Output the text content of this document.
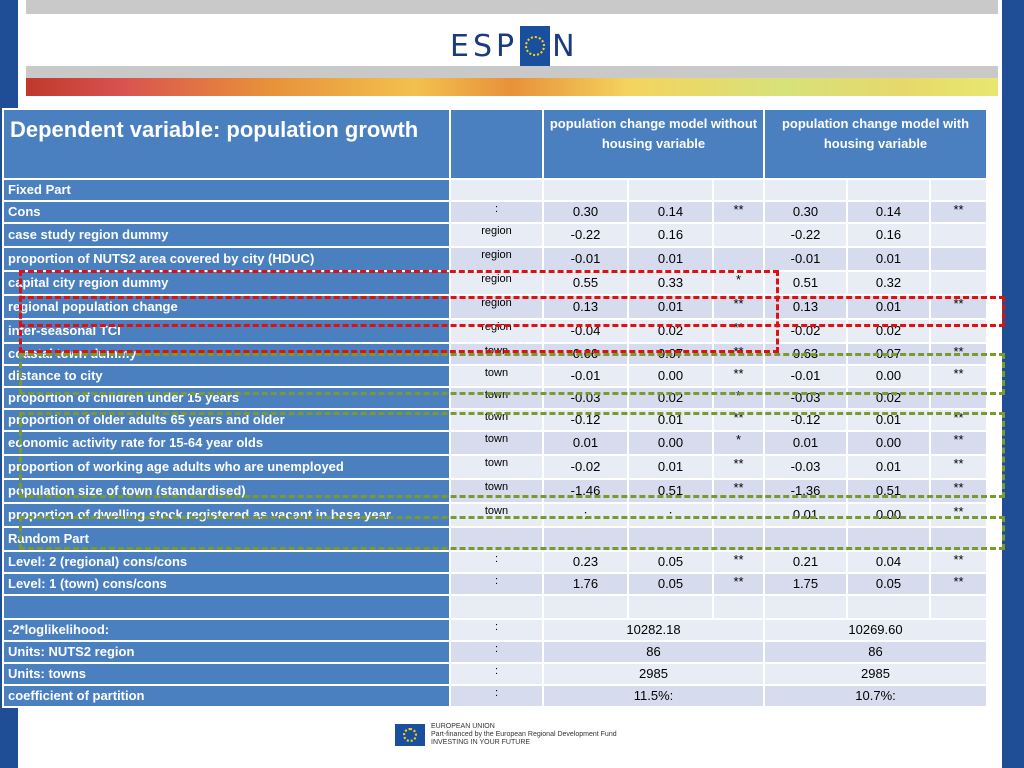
ESP N
Dependent variable: population growth		population change model without housing variable			population change model with housing variable		
Fixed Part							
Cons	:	0.30	0.14	**	0.30	0.14	**
case study region dummy	region	-0.22	0.16		-0.22	0.16	
proportion of NUTS2 area covered by city (HDUC)	region	-0.01	0.01		-0.01	0.01	
capital city region dummy	region	0.55	0.33	*	0.51	0.32	
regional population change	region	0.13	0.01	**	0.13	0.01	**
inter-seasonal TCI	region	-0.04	0.02	**	-0.02	0.02	
coastal town dummy	town	0.66	0.07	**	0.63	0.07	**
distance to city	town	-0.01	0.00	**	-0.01	0.00	**
proportion of children under 15 years	town	-0.03	0.02	*	-0.03	0.02	
proportion of older adults 65 years and older	town	-0.12	0.01	**	-0.12	0.01	**
economic activity rate for 15-64 year olds	town	0.01	0.00	*	0.01	0.00	**
proportion of working age adults who are unemployed	town	-0.02	0.01	**	-0.03	0.01	**
population size of town (standardised)	town	-1.46	0.51	**	-1.36	0.51	**
proportion of dwelling stock registered as vacant in base year	town	:	:		0.01	0.00	**
Random Part							
Level: 2 (regional) cons/cons	:	0.23	0.05	**	0.21	0.04	**
Level: 1 (town) cons/cons	:	1.76	0.05	**	1.75	0.05	**

-2*loglikelihood:	:	10282.18			10269.60		
Units: NUTS2 region	:	86			86		
Units: towns	:	2985			2985		
coefficient of partition	:	11.5%:			10.7%:		
EUROPEAN UNION
Part-financed by the European Regional Development Fund
INVESTING IN YOUR FUTURE
